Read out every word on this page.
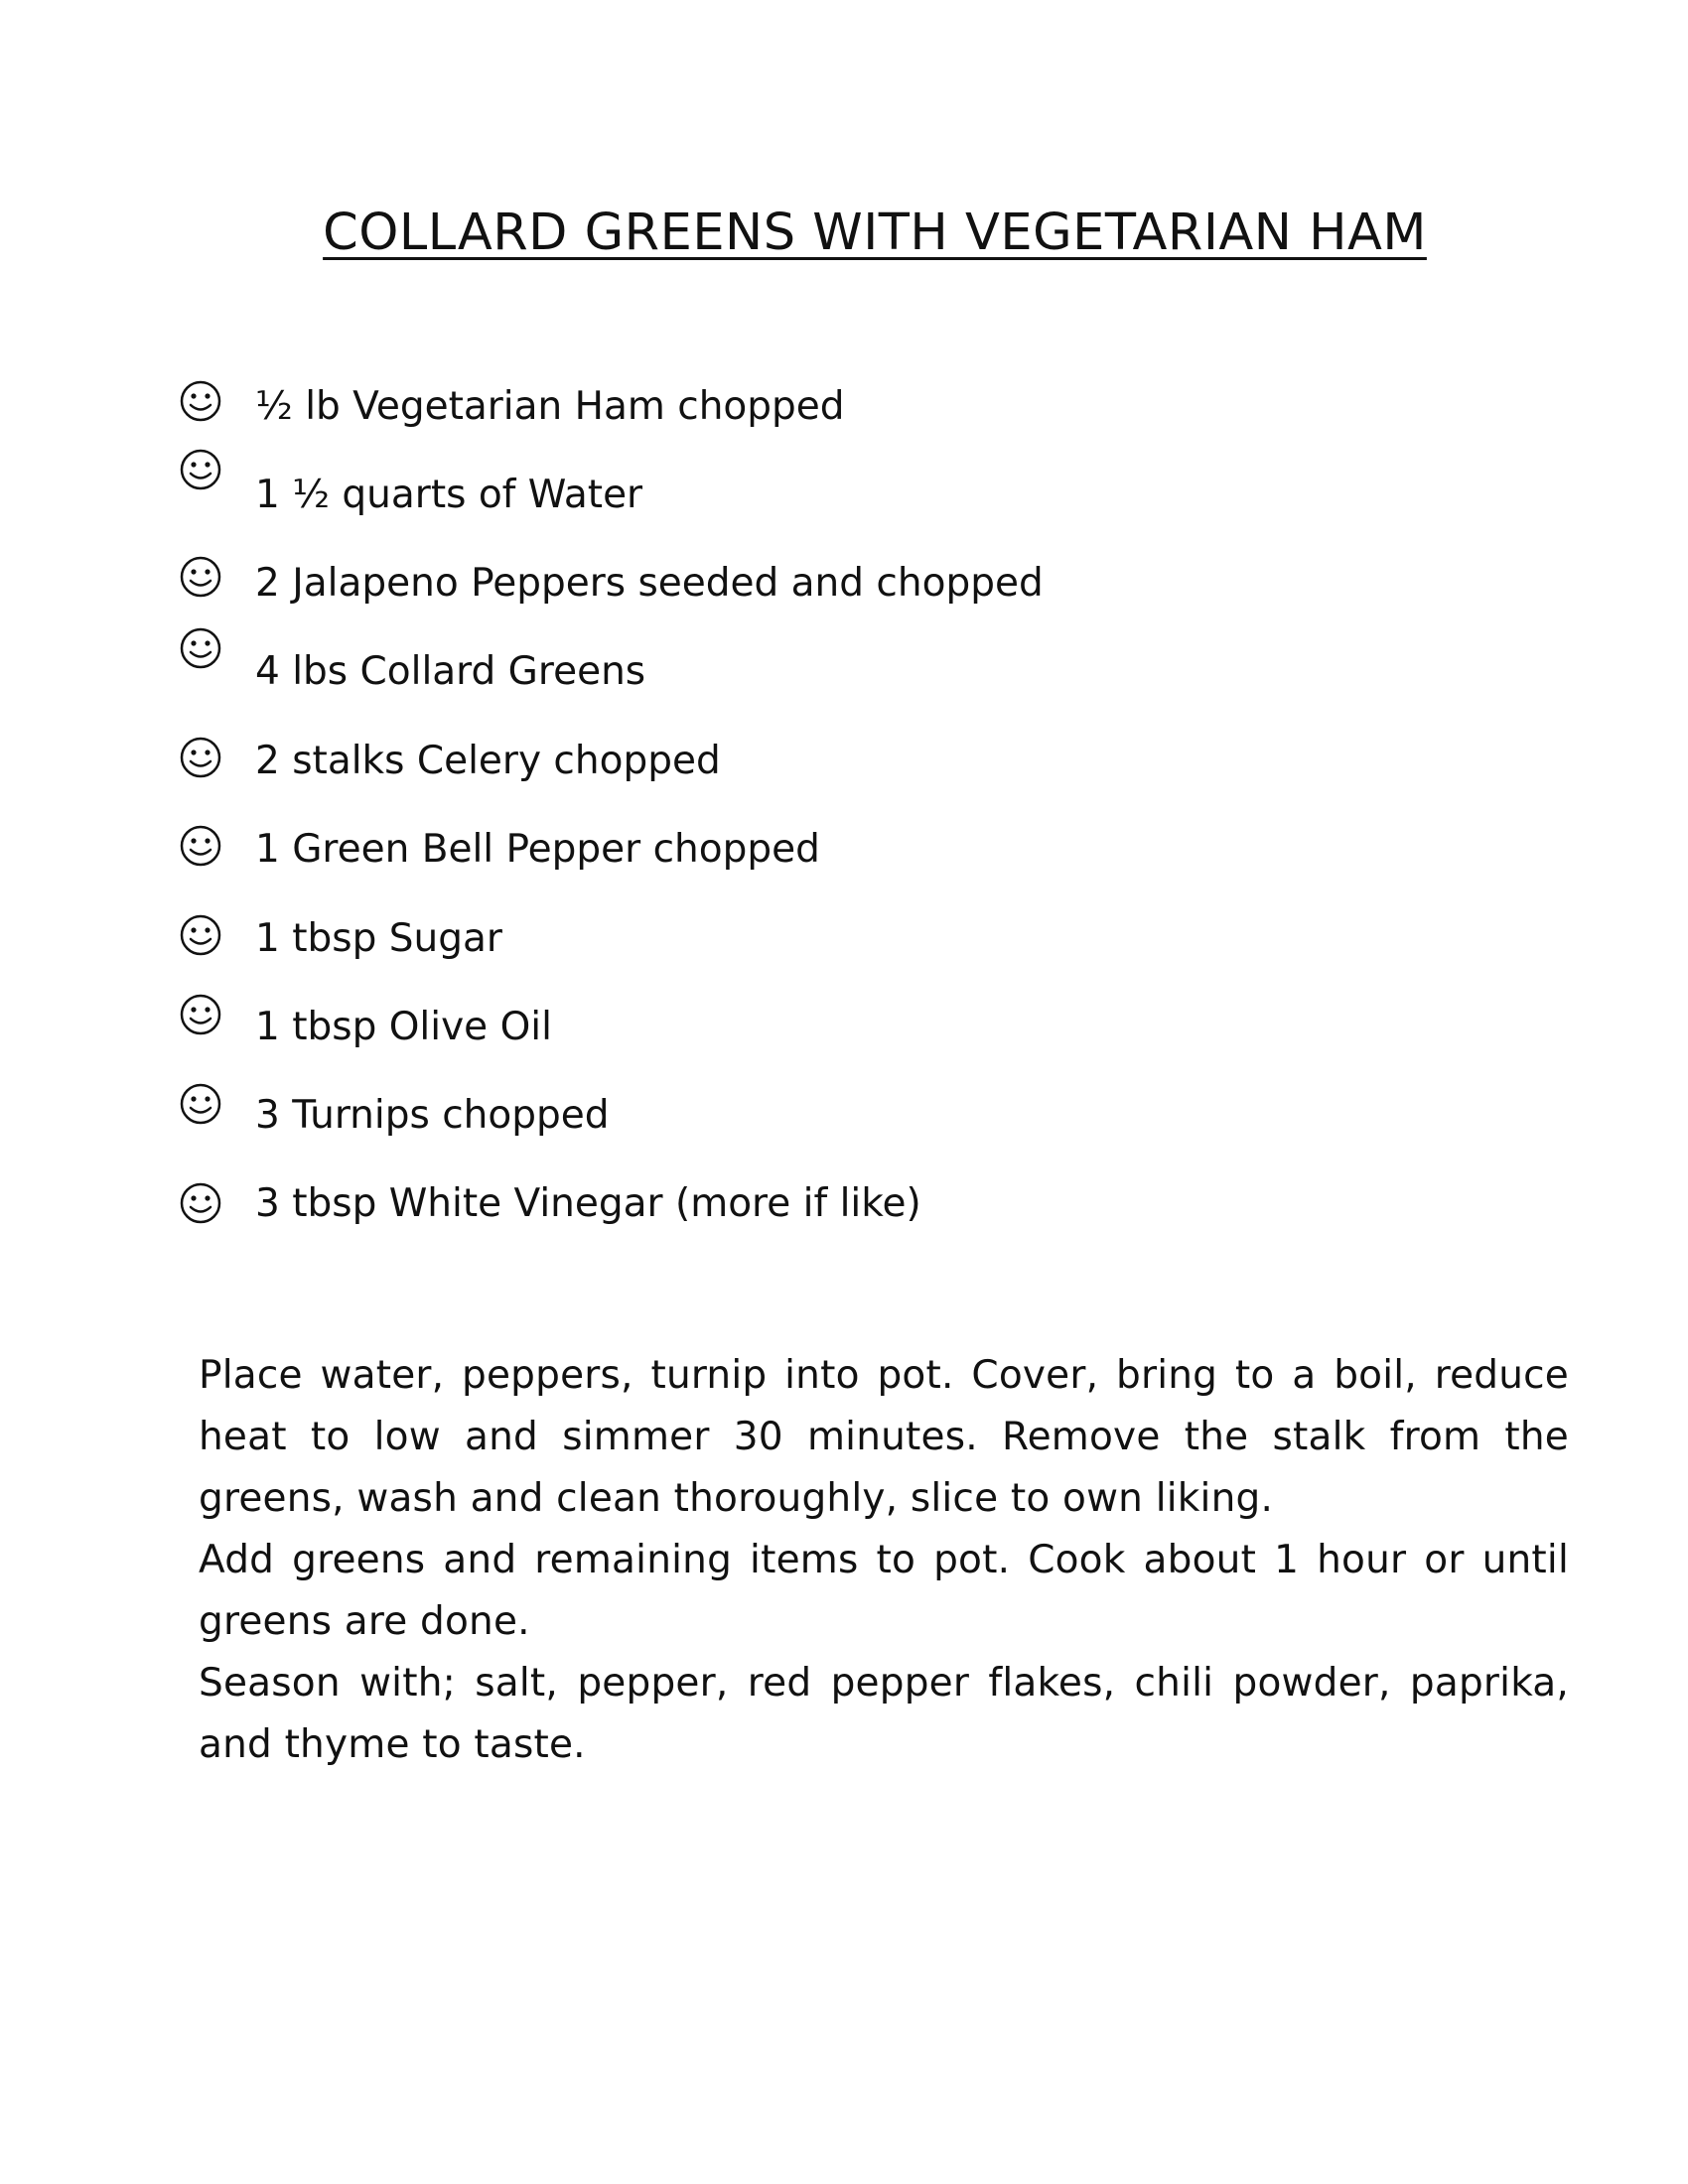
COLLARD GREENS WITH VEGETARIAN HAM
½ lb Vegetarian Ham chopped
1 ½ quarts of Water
2 Jalapeno Peppers seeded and chopped
4 lbs Collard Greens
2 stalks Celery chopped
1 Green Bell Pepper chopped
1 tbsp Sugar
1 tbsp Olive Oil
3 Turnips chopped
3 tbsp White Vinegar (more if like)

Place water, peppers, turnip into pot. Cover, bring to a boil, reduce heat to low and simmer 30 minutes. Remove the stalk from the greens, wash and clean thoroughly, slice to own liking.

Add greens and remaining items to pot. Cook about 1 hour or until greens are done.

Season with; salt, pepper, red pepper flakes, chili powder, paprika, and thyme to taste.
